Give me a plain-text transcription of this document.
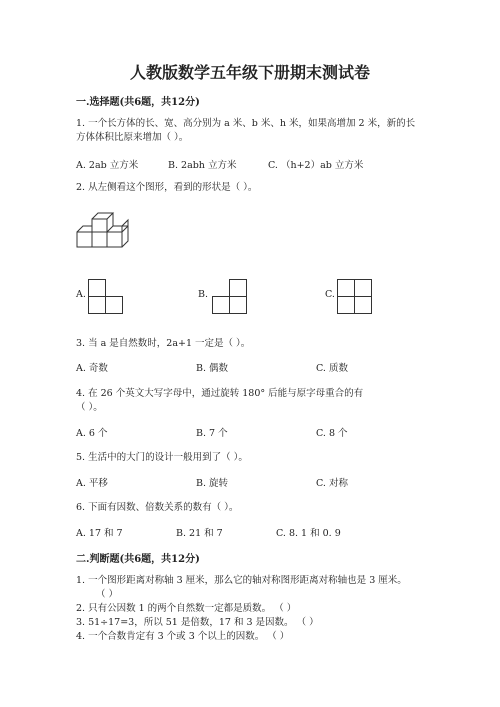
人教版数学五年级下册期末测试卷
一.选择题(共6题，共12分)
1. 一个长方体的长、宽、高分别为 a 米、b 米、h 米，如果高增加 2 米，新的长
方体体积比原来增加（ ）。
A. 2ab 立方米	B. 2abh 立方米	C. （h+2）ab 立方米
2. 从左侧看这个图形，看到的形状是（ ）。
A.	B.	C.
3. 当 a 是自然数时，2a+1 一定是（ ）。
A. 奇数	B. 偶数	C. 质数
4. 在 26 个英文大写字母中，通过旋转 180° 后能与原字母重合的有
（ ）。
A. 6 个	B. 7 个	C. 8 个
5. 生活中的大门的设计一般用到了（ ）。
A. 平移	B. 旋转	C. 对称
6. 下面有因数、倍数关系的数有（ ）。
A. 17 和 7	B. 21 和 7	C. 8. 1 和 0. 9
二.判断题(共6题，共12分)
1. 一个图形距离对称轴 3 厘米，那么它的轴对称图形距离对称轴也是 3 厘米。
（ ）
2. 只有公因数 1 的两个自然数一定都是质数。 （ ）
3. 51÷17=3，所以 51 是倍数，17 和 3 是因数。 （ ）
4. 一个合数肯定有 3 个或 3 个以上的因数。 （ ）
